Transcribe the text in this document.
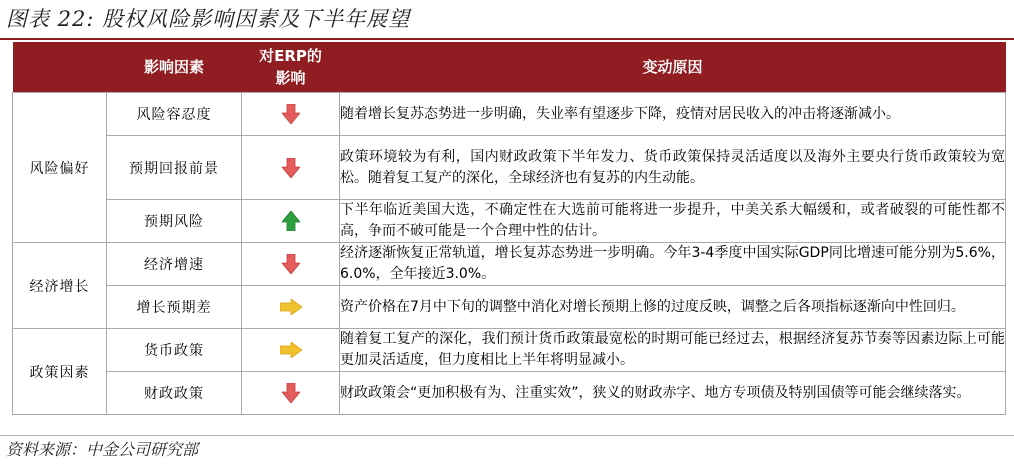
图表 22: 股权风险影响因素及下半年展望
	影响因素	对ERP的
影响	变动原因
风险偏好	风险容忍度		随着增长复苏态势进一步明确，失业率有望逐步下降，疫情对居民收入的冲击将逐渐减小。
	预期回报前景		政策环境较为有利，国内财政政策下半年发力、货币政策保持灵活适度以及海外主要央行货币政策较为宽松。随着复工复产的深化，全球经济也有复苏的内生动能。
	预期风险		下半年临近美国大选，不确定性在大选前可能将进一步提升，中美关系大幅缓和，或者破裂的可能性都不高，争而不破可能是一个合理中性的估计。
经济增长	经济增速		经济逐渐恢复正常轨道，增长复苏态势进一步明确。今年3-4季度中国实际GDP同比增速可能分别为5.6%，6.0%，全年接近3.0%。
	增长预期差		资产价格在7月中下旬的调整中消化对增长预期上修的过度反映，调整之后各项指标逐渐向中性回归。
政策因素	货币政策		随着复工复产的深化，我们预计货币政策最宽松的时期可能已经过去，根据经济复苏节奏等因素边际上可能更加灵活适度，但力度相比上半年将明显减小。
	财政政策		财政政策会“更加积极有为、注重实效”，狭义的财政赤字、地方专项债及特别国债等可能会继续落实。
资料来源：中金公司研究部
